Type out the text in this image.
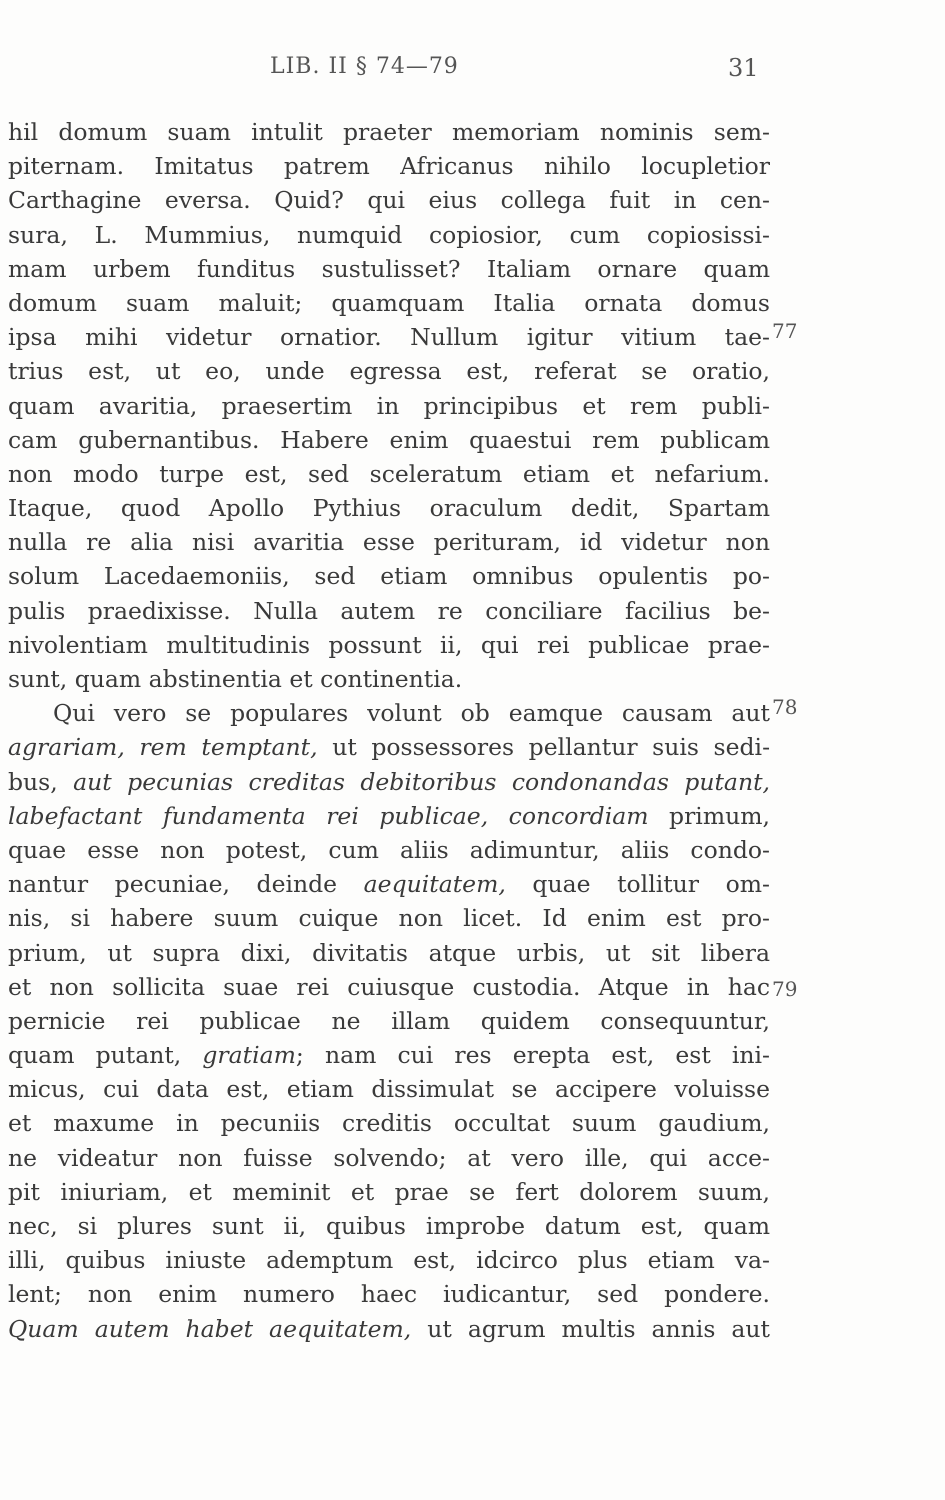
LIB. II § 74—79	31
hil domum suam intulit praeter memoriam nominis sem-
piternam. Imitatus patrem Africanus nihilo locupletior
Carthagine eversa. Quid? qui eius collega fuit in cen-
sura, L. Mummius, numquid copiosior, cum copiosissi-
mam urbem funditus sustulisset? Italiam ornare quam
domum suam maluit; quamquam Italia ornata domus
ipsa mihi videtur ornatior. Nullum igitur vitium tae-
trius est, ut eo, unde egressa est, referat se oratio,
quam avaritia, praesertim in principibus et rem publi-
cam gubernantibus. Habere enim quaestui rem publicam
non modo turpe est, sed sceleratum etiam et nefarium.
Itaque, quod Apollo Pythius oraculum dedit, Spartam
nulla re alia nisi avaritia esse perituram, id videtur non
solum Lacedaemoniis, sed etiam omnibus opulentis po-
pulis praedixisse. Nulla autem re conciliare facilius be-
nivolentiam multitudinis possunt ii, qui rei publicae prae-
sunt, quam abstinentia et continentia.
Qui vero se populares volunt ob eamque causam aut
agrariam, rem temptant, ut possessores pellantur suis sedi-
bus, aut pecunias creditas debitoribus condonandas putant,
labefactant fundamenta rei publicae, concordiam primum,
quae esse non potest, cum aliis adimuntur, aliis condo-
nantur pecuniae, deinde aequitatem, quae tollitur om-
nis, si habere suum cuique non licet. Id enim est pro-
prium, ut supra dixi, divitatis atque urbis, ut sit libera
et non sollicita suae rei cuiusque custodia. Atque in hac
pernicie rei publicae ne illam quidem consequuntur,
quam putant, gratiam; nam cui res erepta est, est ini-
micus, cui data est, etiam dissimulat se accipere voluisse
et maxume in pecuniis creditis occultat suum gaudium,
ne videatur non fuisse solvendo; at vero ille, qui acce-
pit iniuriam, et meminit et prae se fert dolorem suum,
nec, si plures sunt ii, quibus improbe datum est, quam
illi, quibus iniuste ademptum est, idcirco plus etiam va-
lent; non enim numero haec iudicantur, sed pondere.
Quam autem habet aequitatem, ut agrum multis annis aut
77
78
79
